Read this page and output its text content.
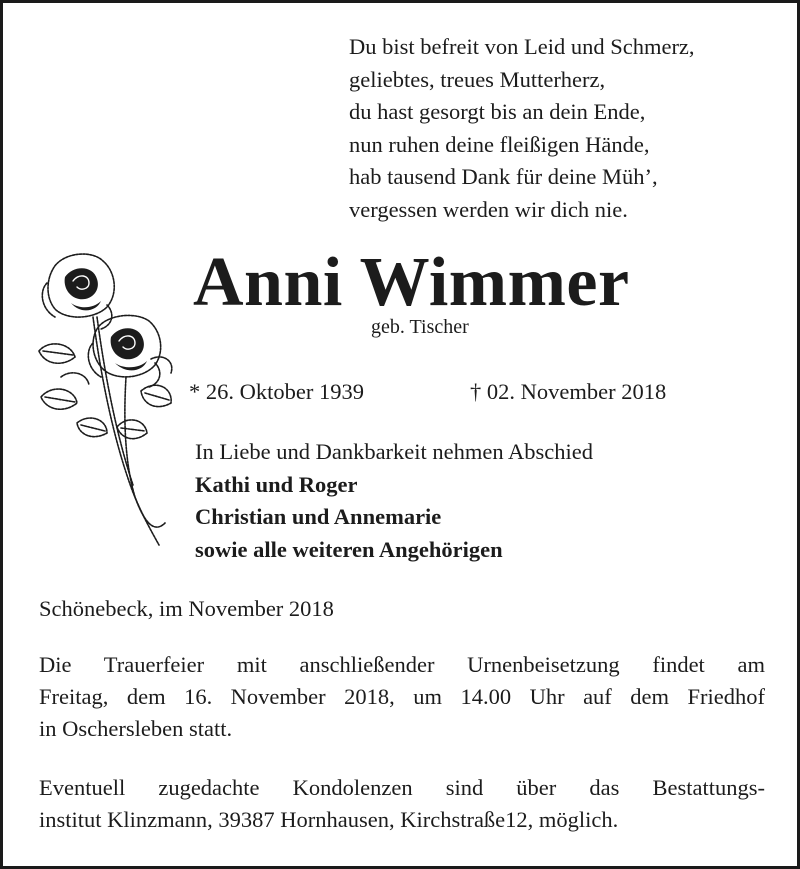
Du bist befreit von Leid und Schmerz,
geliebtes, treues Mutterherz,
du hast gesorgt bis an dein Ende,
nun ruhen deine fleißigen Hände,
hab tausend Dank für deine Müh’,
vergessen werden wir dich nie.
Anni Wimmer
geb. Tischer
* 26. Oktober 1939	† 02. November 2018
In Liebe und Dankbarkeit nehmen Abschied
Kathi und Roger
Christian und Annemarie
sowie alle weiteren Angehörigen
Schönebeck, im November 2018
Die Trauerfeier mit anschließender Urnenbeisetzung findet am
Freitag, dem 16. November 2018, um 14.00 Uhr auf dem Friedhof
in Oschersleben statt.
Eventuell zugedachte Kondolenzen sind über das Bestattungs-
institut Klinzmann, 39387 Hornhausen, Kirchstraße12, möglich.
